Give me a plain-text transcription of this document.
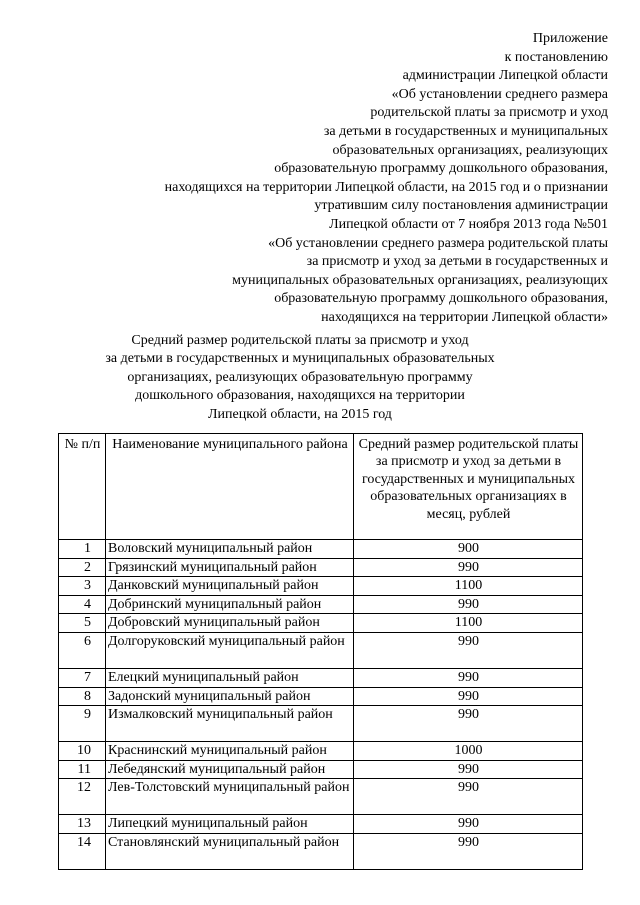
Приложение
к постановлению
администрации Липецкой области
«Об установлении среднего размера
родительской платы за присмотр и уход
за детьми в государственных и муниципальных
образовательных организациях, реализующих
образовательную программу дошкольного образования,
находящихся на территории Липецкой области, на 2015 год и о признании
утратившим силу постановления администрации
Липецкой области от 7 ноября 2013 года №501
«Об установлении среднего размера родительской платы
за присмотр и уход за детьми в государственных и
муниципальных образовательных организациях, реализующих
образовательную программу дошкольного образования,
находящихся на территории Липецкой области»
Средний размер родительской платы за присмотр и уход
за детьми в государственных и муниципальных образовательных
организациях, реализующих образовательную программу
дошкольного образования, находящихся на территории
Липецкой области, на 2015 год
№ п/п	Наименование муниципального района	Средний размер родительской платы за присмотр и уход за детьми в государственных и муниципальных образовательных организациях в месяц, рублей
1	Воловский муниципальный район	900
2	Грязинский муниципальный район	990
3	Данковский муниципальный район	1100
4	Добринский муниципальный район	990
5	Добровский муниципальный район	1100
6	Долгоруковский муниципальный район	990
7	Елецкий муниципальный район	990
8	Задонский муниципальный район	990
9	Измалковский муниципальный район	990
10	Краснинский муниципальный район	1000
11	Лебедянский муниципальный район	990
12	Лев-Толстовский муниципальный район	990
13	Липецкий муниципальный район	990
14	Становлянский муниципальный район	990
